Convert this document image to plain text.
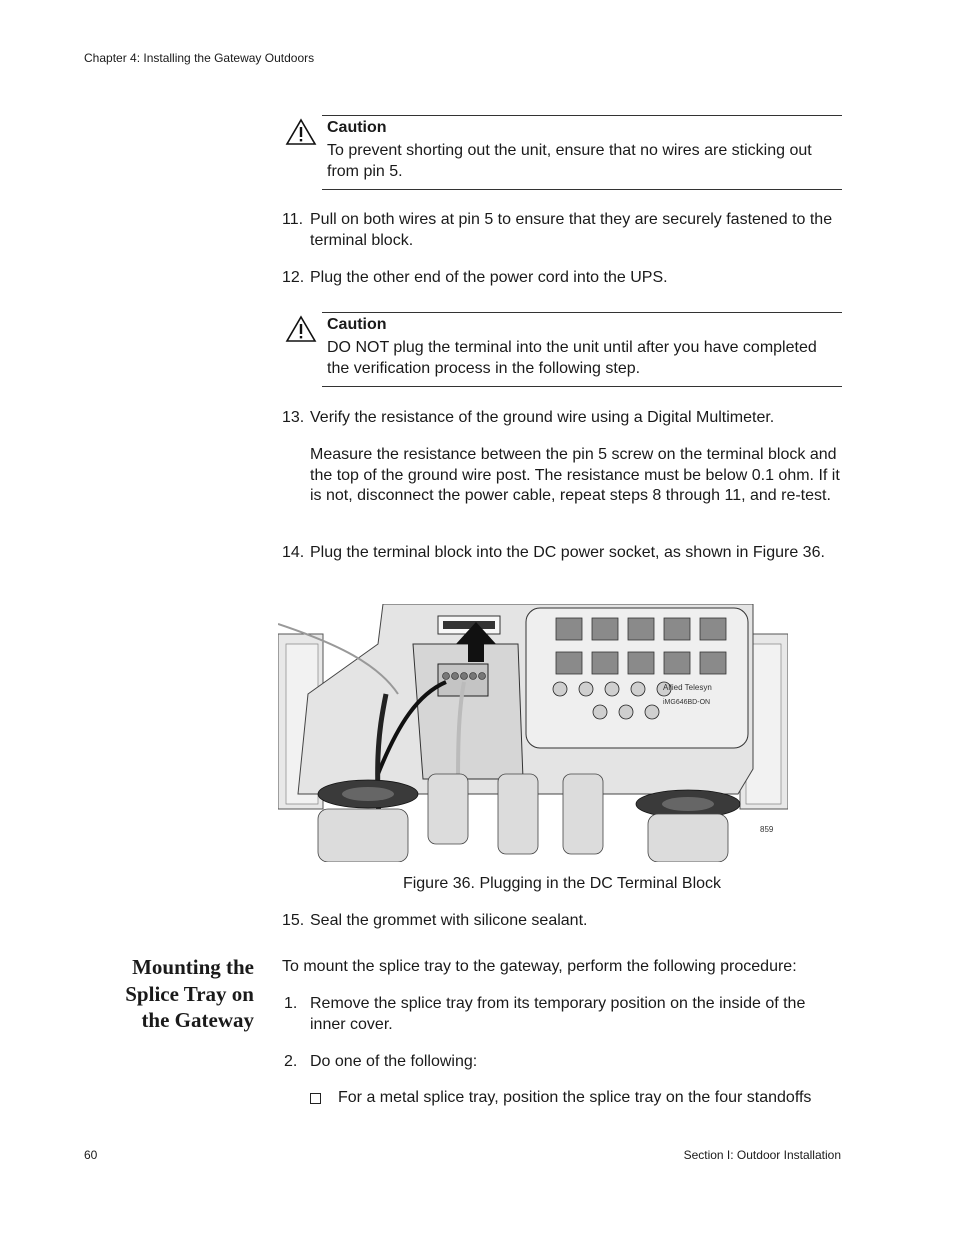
Chapter 4: Installing the Gateway Outdoors
Caution
To prevent shorting out the unit, ensure that no wires are sticking out from pin 5.
11. Pull on both wires at pin 5 to ensure that they are securely fastened to the terminal block.
12. Plug the other end of the power cord into the UPS.
Caution
DO NOT plug the terminal into the unit until after you have completed the verification process in the following step.
13. Verify the resistance of the ground wire using a Digital Multimeter.
Measure the resistance between the pin 5 screw on the terminal block and the top of the ground wire post. The resistance must be below 0.1 ohm. If it is not, disconnect the power cable, repeat steps 8 through 11, and re-test.
14. Plug the terminal block into the DC power socket, as shown in Figure 36.
Allied Telesyn
iMG646BD-ON
859
Figure 36. Plugging in the DC Terminal Block
15. Seal the grommet with silicone sealant.
Mounting the
Splice Tray on
the Gateway
To mount the splice tray to the gateway, perform the following procedure:
1. Remove the splice tray from its temporary position on the inside of the inner cover.
2. Do one of the following:
For a metal splice tray, position the splice tray on the four standoffs
60	Section I: Outdoor Installation
